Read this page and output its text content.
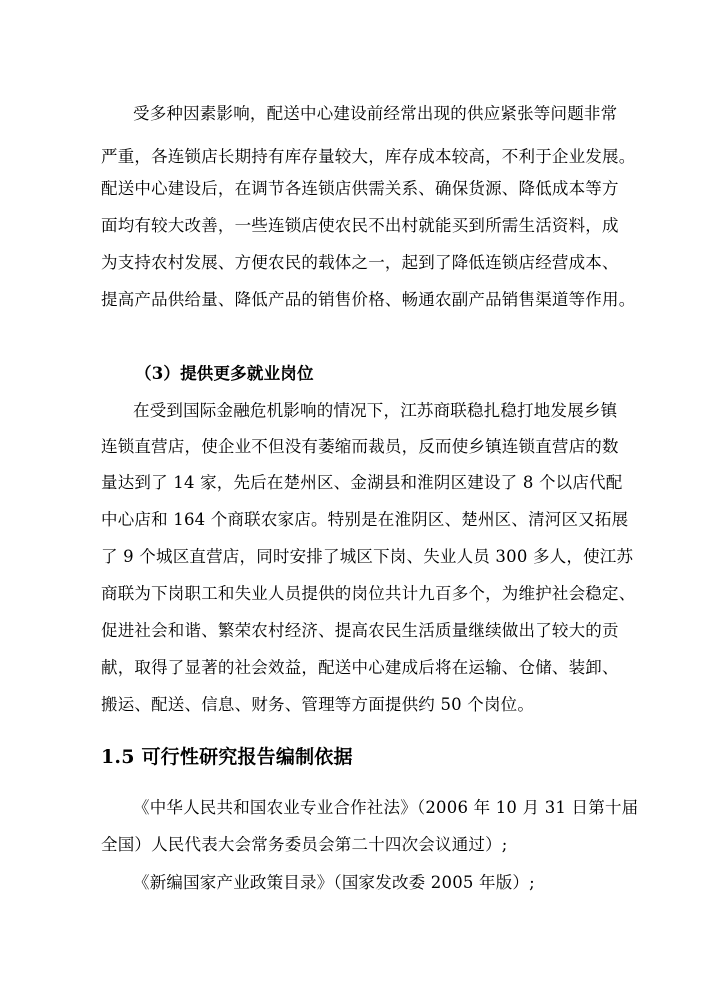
受多种因素影响，配送中心建设前经常出现的供应紧张等问题非常
严重，各连锁店长期持有库存量较大，库存成本较高，不利于企业发展。
配送中心建设后，在调节各连锁店供需关系、确保货源、降低成本等方
面均有较大改善，一些连锁店使农民不出村就能买到所需生活资料，成
为支持农村发展、方便农民的载体之一，起到了降低连锁店经营成本、
提高产品供给量、降低产品的销售价格、畅通农副产品销售渠道等作用。
（3）提供更多就业岗位
在受到国际金融危机影响的情况下，江苏商联稳扎稳打地发展乡镇
连锁直营店，使企业不但没有萎缩而裁员，反而使乡镇连锁直营店的数
量达到了 14 家，先后在楚州区、金湖县和淮阴区建设了 8 个以店代配
中心店和 164 个商联农家店。特别是在淮阴区、楚州区、清河区又拓展
了 9 个城区直营店，同时安排了城区下岗、失业人员 300 多人，使江苏
商联为下岗职工和失业人员提供的岗位共计九百多个，为维护社会稳定、
促进社会和谐、繁荣农村经济、提高农民生活质量继续做出了较大的贡
献，取得了显著的社会效益，配送中心建成后将在运输、仓储、装卸、
搬运、配送、信息、财务、管理等方面提供约 50 个岗位。
1.5 可行性研究报告编制依据
《中华人民共和国农业专业合作社法》（2006 年 10 月 31 日第十届
全国）人民代表大会常务委员会第二十四次会议通过）;
《新编国家产业政策目录》（国家发改委 2005 年版）;
